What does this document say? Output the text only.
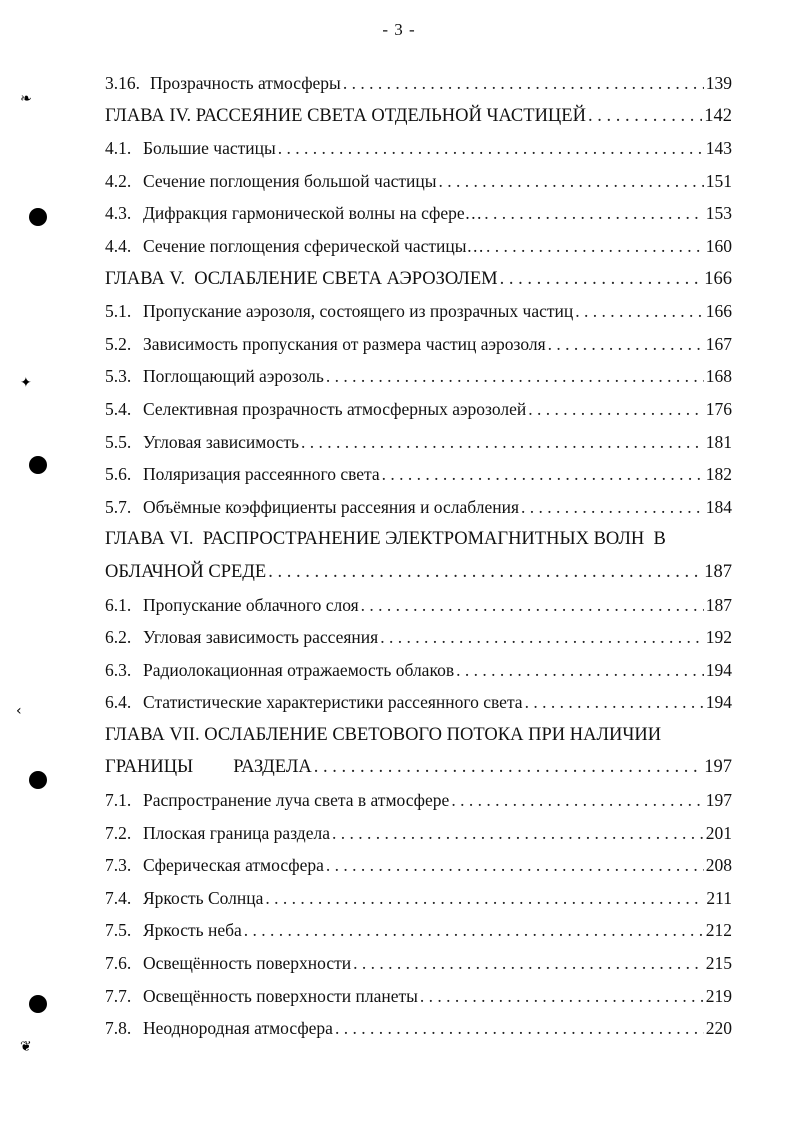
- 3 -
❧
✦
‹
❦
3.16. Прозрачность атмосферы . . .	139
ГЛАВА IV. РАССЕЯНИЕ СВЕТА ОТДЕЛЬНОЙ ЧАСТИЦЕЙ . . .	142
4.1. Большие частицы . . .	143
4.2. Сечение поглощения большой частицы . . .	151
4.3. Дифракция гармонической волны на сфере… . . .	153
4.4. Сечение поглощения сферической частицы… . . .	160
ГЛАВА V.  ОСЛАБЛЕНИЕ СВЕТА АЭРОЗОЛЕМ . . .	166
5.1. Пропускание аэрозоля, состоящего из прозрачных частиц . . .	166
5.2. Зависимость пропускания от размера частиц аэрозоля . . .	167
5.3. Поглощающий аэрозоль . . .	168
5.4. Селективная прозрачность атмосферных аэрозолей . . .	176
5.5. Угловая зависимость . . .	181
5.6. Поляризация рассеянного света . . .	182
5.7. Объёмные коэффициенты рассеяния и ослабления . . .	184
ГЛАВА VI.  РАСПРОСТРАНЕНИЕ ЭЛЕКТРОМАГНИТНЫХ ВОЛН  В
ОБЛАЧНОЙ СРЕДЕ . . .	187
6.1. Пропускание облачного слоя . . .	187
6.2. Угловая зависимость рассеяния . . .	192
6.3. Радиолокационная отражаемость облаков . . .	194
6.4. Статистические характеристики рассеянного света . . .	194
ГЛАВА VII. ОСЛАБЛЕНИЕ СВЕТОВОГО ПОТОКА ПРИ НАЛИЧИИ
ГРАНИЦЫ РАЗДЕЛА . . .	197
7.1. Распространение луча света в атмосфере . . .	197
7.2. Плоская граница раздела . . .	201
7.3. Сферическая атмосфера . . .	208
7.4. Яркость Солнца . . .	211
7.5. Яркость неба . . .	212
7.6. Освещённость поверхности . . .	215
7.7. Освещённость поверхности планеты . . .	219
7.8. Неоднородная атмосфера . . .	220
